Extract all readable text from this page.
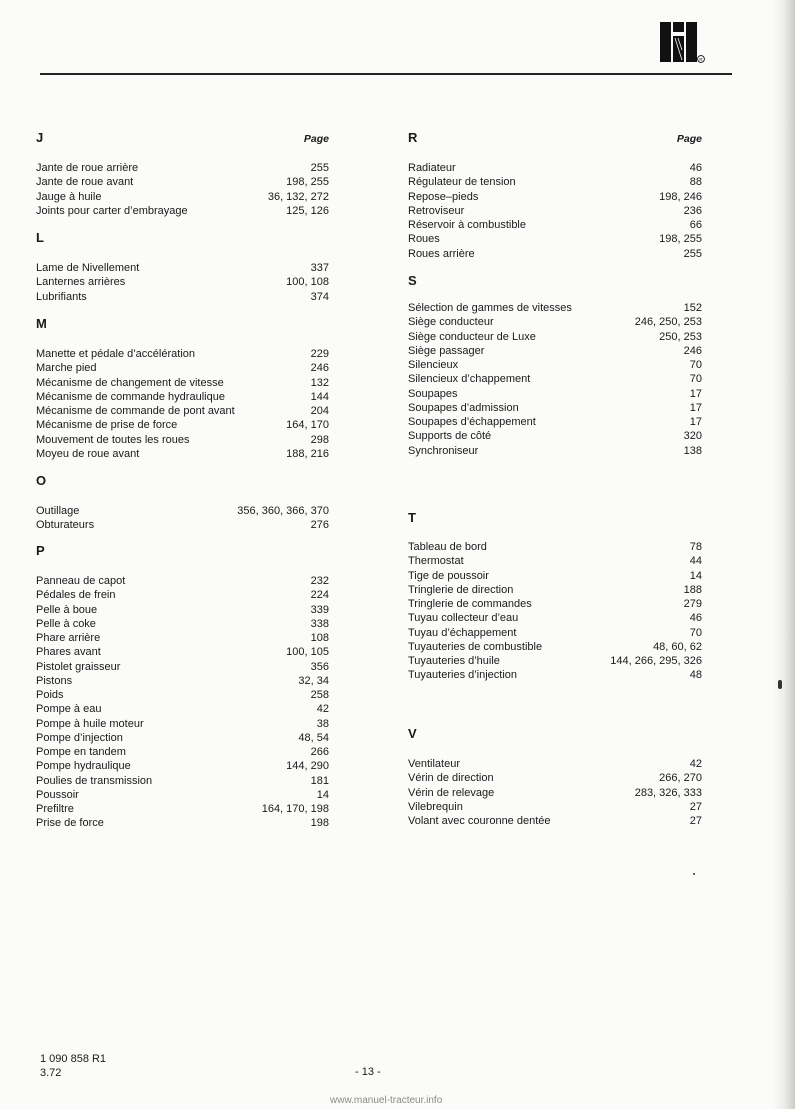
R
J	Page
Jante de roue arrière	255
Jante de roue avant	198, 255
Jauge à huile	36, 132, 272
Joints pour carter d’embrayage	125, 126
L
Lame de Nivellement	337
Lanternes arrières	100, 108
Lubrifiants	374
M
Manette et pédale d’accélération	229
Marche pied	246
Mécanisme de changement de vitesse	132
Mécanisme de commande hydraulique	144
Mécanisme de commande de pont avant	204
Mécanisme de prise de force	164, 170
Mouvement de toutes les roues	298
Moyeu de roue avant	188, 216
O
Outillage	356, 360, 366, 370
Obturateurs	276
P
Panneau de capot	232
Pédales de frein	224
Pelle à boue	339
Pelle à coke	338
Phare arrière	108
Phares avant	100, 105
Pistolet graisseur	356
Pistons	32, 34
Poids	258
Pompe à eau	42
Pompe à huile moteur	38
Pompe d’injection	48, 54
Pompe en tandem	266
Pompe hydraulique	144, 290
Poulies de transmission	181
Poussoir	14
Prefiltre	164, 170, 198
Prise de force	198
R	Page
Radiateur	46
Régulateur de tension	88
Repose–pieds	198, 246
Retroviseur	236
Réservoir à combustible	66
Roues	198, 255
Roues arrière	255
S
Sélection de gammes de vitesses	152
Siège conducteur	246, 250, 253
Siège conducteur de Luxe	250, 253
Siège passager	246
Silencieux	70
Silencieux d’chappement	70
Soupapes	17
Soupapes d’admission	17
Soupapes d’échappement	17
Supports de côté	320
Synchroniseur	138
T
Tableau de bord	78
Thermostat	44
Tige de poussoir	14
Tringlerie de direction	188
Tringlerie de commandes	279
Tuyau collecteur d’eau	46
Tuyau d’échappement	70
Tuyauteries de combustible	48, 60, 62
Tuyauteries d’huile	144, 266, 295, 326
Tuyauteries d’injection	48
V
Ventilateur	42
Vérin de direction	266, 270
Vérin de relevage	283, 326, 333
Vilebrequin	27
Volant avec couronne dentée	27
1 090 858 R1
3.72	- 13 -
www.manuel-tracteur.info
